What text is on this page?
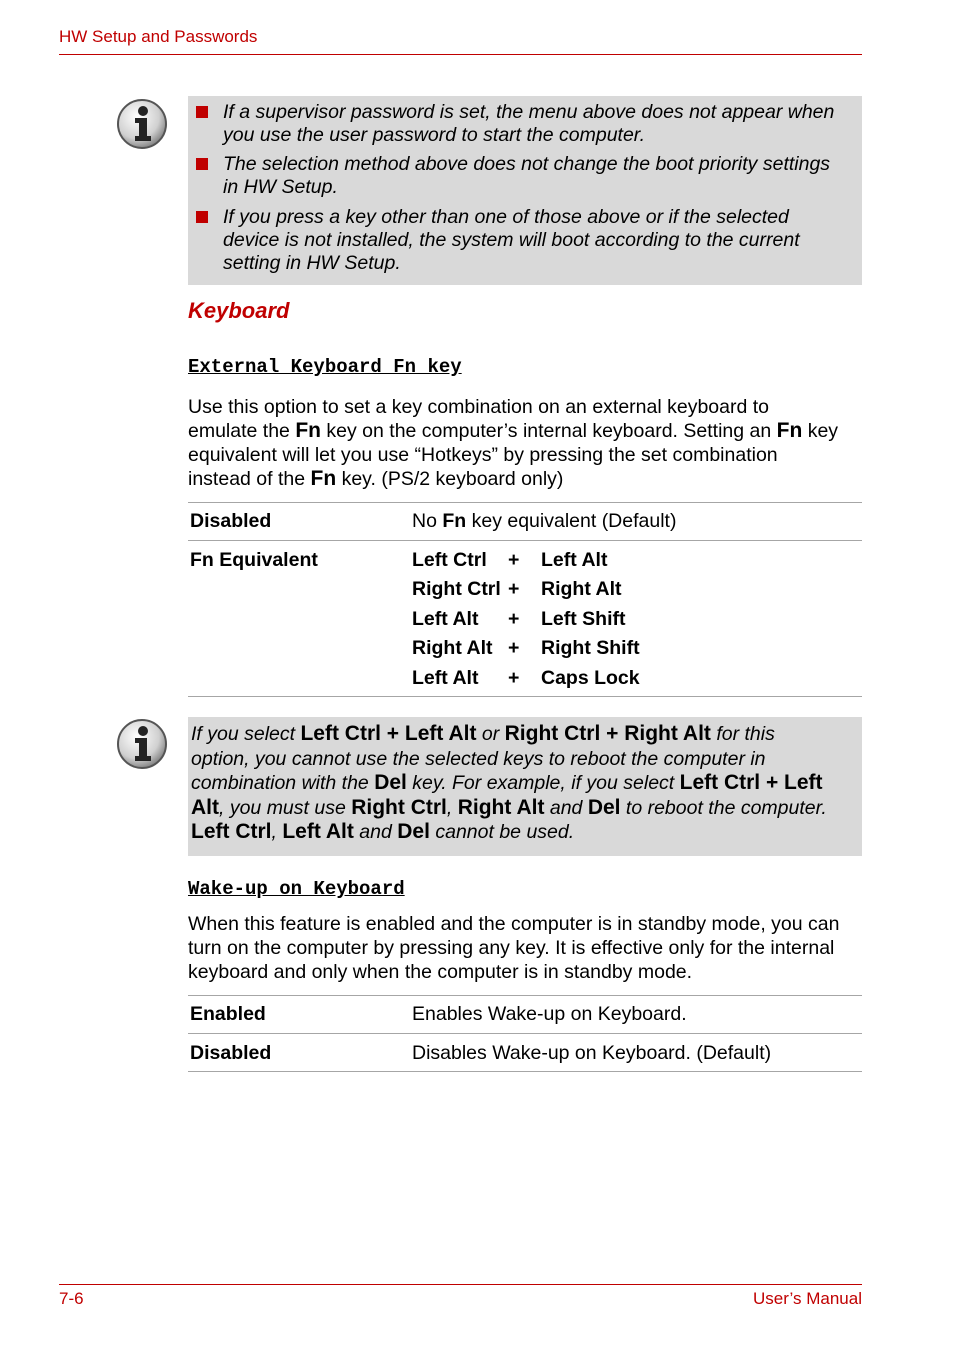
HW Setup and Passwords
If a supervisor password is set, the menu above does not appear when
you use the user password to start the computer.
The selection method above does not change the boot priority settings
in HW Setup.
If you press a key other than one of those above or if the selected
device is not installed, the system will boot according to the current
setting in HW Setup.
Keyboard
External Keyboard Fn key
Use this option to set a key combination on an external keyboard to
emulate the Fn key on the computer’s internal keyboard. Setting an Fn key
equivalent will let you use “Hotkeys” by pressing the set combination
instead of the Fn key. (PS/2 keyboard only)
Disabled	No Fn key equivalent (Default)
Fn Equivalent	Left Ctrl + Left Alt
Right Ctrl + Right Alt
Left Alt + Left Shift
Right Alt + Right Shift
Left Alt + Caps Lock
If you select Left Ctrl + Left Alt or Right Ctrl + Right Alt for this
option, you cannot use the selected keys to reboot the computer in
combination with the Del key. For example, if you select Left Ctrl + Left
Alt, you must use Right Ctrl, Right Alt and Del to reboot the computer.
Left Ctrl, Left Alt and Del cannot be used.
Wake-up on Keyboard
When this feature is enabled and the computer is in standby mode, you can
turn on the computer by pressing any key. It is effective only for the internal
keyboard and only when the computer is in standby mode.
Enabled	Enables Wake-up on Keyboard.
Disabled	Disables Wake-up on Keyboard. (Default)
7-6	User’s Manual
